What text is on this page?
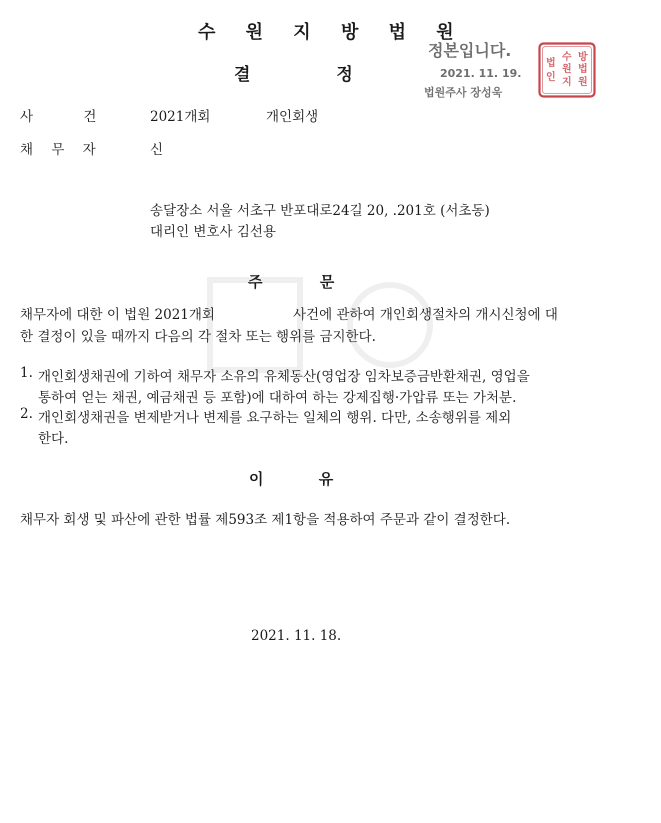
수 원 지 방 법 원
결 정
정본입니다.
2021. 11. 19.
법원주사 장성욱
방
법
원
수
원
지
법
인
사 건	2021개회	개인회생
채 무 자	신
송달장소 서울 서초구 반포대로24길 20, .201호 (서초동)
대리인 변호사 김선용
주 문
채무자에 대한 이 법원 2021개회	사건에 관하여 개인회생절차의 개시신청에 대
한 결정이 있을 때까지 다음의 각 절차 또는 행위를 금지한다.
1. 개인회생채권에 기하여 채무자 소유의 유체동산(영업장 임차보증금반환채권, 영업을
통하여 얻는 채권, 예금채권 등 포함)에 대하여 하는 강제집행·가압류 또는 가처분.
2. 개인회생채권을 변제받거나 변제를 요구하는 일체의 행위. 다만, 소송행위를 제외
한다.
이 유
채무자 회생 및 파산에 관한 법률 제593조 제1항을 적용하여 주문과 같이 결정한다.
2021. 11. 18.
